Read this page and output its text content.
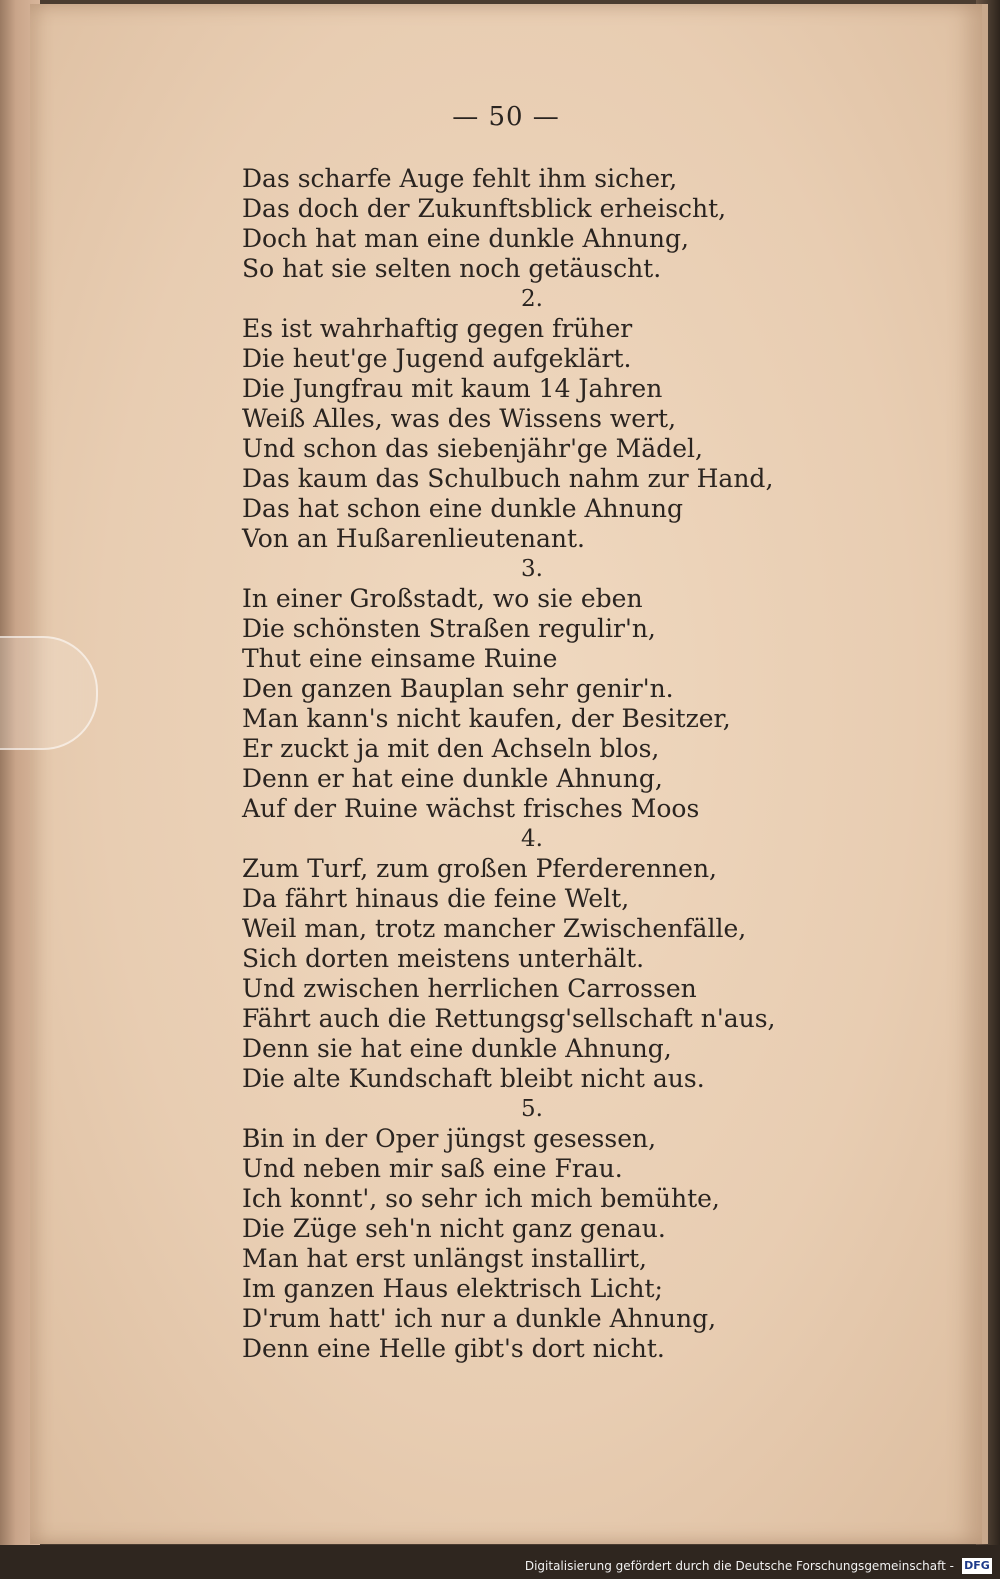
— 50 —
Das scharfe Auge fehlt ihm sicher,
Das doch der Zukunftsblick erheischt,
Doch hat man eine dunkle Ahnung,
So hat sie selten noch getäuscht.
2.
Es ist wahrhaftig gegen früher
Die heut'ge Jugend aufgeklärt.
Die Jungfrau mit kaum 14 Jahren
Weiß Alles, was des Wissens wert,
Und schon das siebenjähr'ge Mädel,
Das kaum das Schulbuch nahm zur Hand,
Das hat schon eine dunkle Ahnung
Von an Hußarenlieutenant.
3.
In einer Großstadt, wo sie eben
Die schönsten Straßen regulir'n,
Thut eine einsame Ruine
Den ganzen Bauplan sehr genir'n.
Man kann's nicht kaufen, der Besitzer,
Er zuckt ja mit den Achseln blos,
Denn er hat eine dunkle Ahnung,
Auf der Ruine wächst frisches Moos
4.
Zum Turf, zum großen Pferderennen,
Da fährt hinaus die feine Welt,
Weil man, trotz mancher Zwischenfälle,
Sich dorten meistens unterhält.
Und zwischen herrlichen Carrossen
Fährt auch die Rettungsg'sellschaft n'aus,
Denn sie hat eine dunkle Ahnung,
Die alte Kundschaft bleibt nicht aus.
5.
Bin in der Oper jüngst gesessen,
Und neben mir saß eine Frau.
Ich konnt', so sehr ich mich bemühte,
Die Züge seh'n nicht ganz genau.
Man hat erst unlängst installirt,
Im ganzen Haus elektrisch Licht;
D'rum hatt' ich nur a dunkle Ahnung,
Denn eine Helle gibt's dort nicht.
Digitalisierung gefördert durch die Deutsche Forschungsgemeinschaft - DFG
